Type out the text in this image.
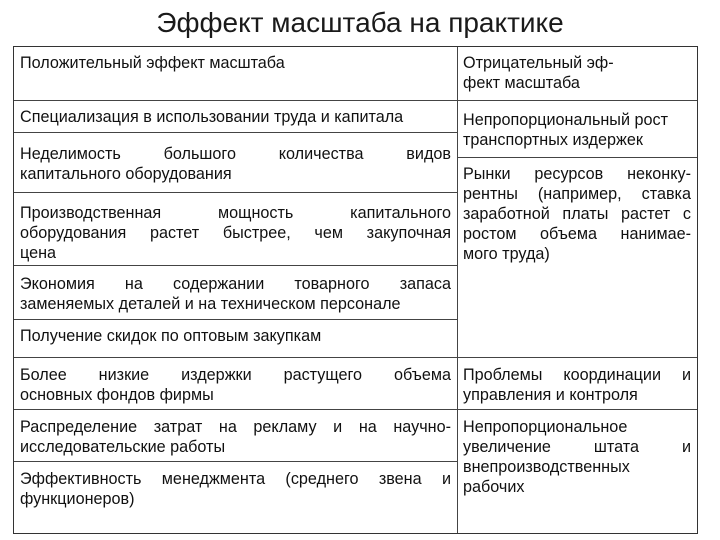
Эффект масштаба на практике
Положительный эффект масштаба	Отрицательный эф-
фект масштаба
Специализация в использовании труда и капитала
Неделимость большого количества видов
капитального оборудования
Производственная мощность капитального
оборудования растет быстрее, чем закупочная
цена
Экономия на содержании товарного запаса
заменяемых деталей и на техническом персонале
Получение скидок по оптовым закупкам
Более низкие издержки растущего объема
основных фондов фирмы
Распределение затрат на рекламу и на научно-
исследовательские работы
Эффективность менеджмента (среднего звена и
функционеров)
Непропорциональный рост
транспортных издержек
Рынки ресурсов неконку-
рентны (например, ставка
заработной платы растет с
ростом объема нанимае-
мого труда)
Проблемы координации и
управления и контроля
Непропорциональное
увеличение штата и
внепроизводственных
рабочих
